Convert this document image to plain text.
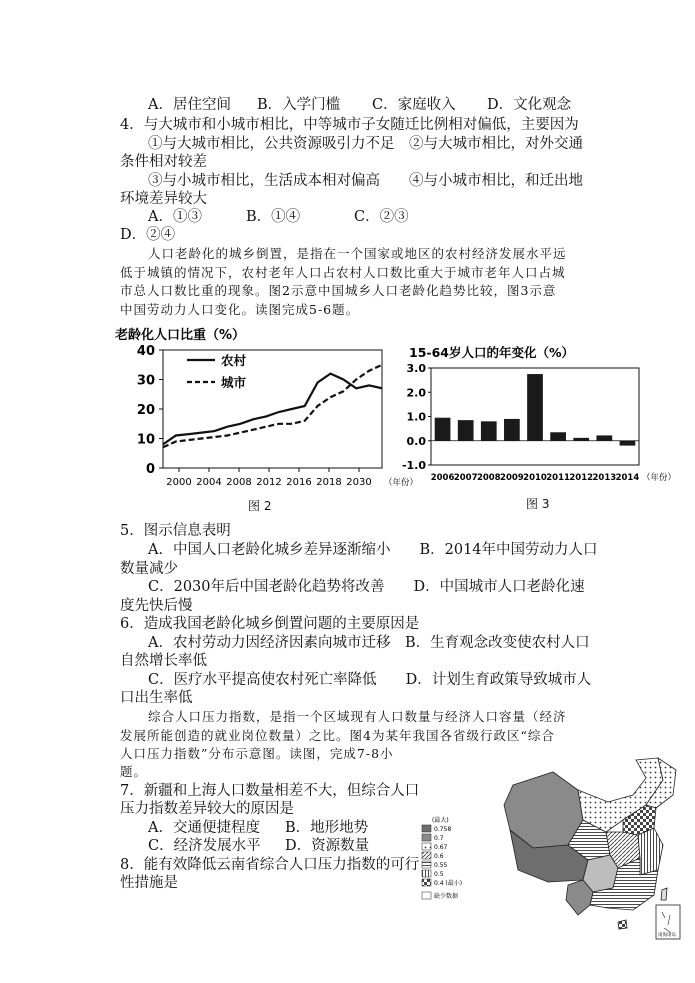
A．居住空间 B．入学门槛 C．家庭收入 D．文化观念
4．与大城市和小城市相比，中等城市子女随迁比例相对偏低，主要因为
①与大城市相比，公共资源吸引力不足　②与大城市相比，对外交通
条件相对较差
③与小城市相比，生活成本相对偏高　　④与小城市相比，和迁出地
环境差异较大
A．①③	B．①④	C．②③
D．②④
人口老龄化的城乡倒置，是指在一个国家或地区的农村经济发展水平远
低于城镇的情况下，农村老年人口占农村人口数比重大于城市老年人口占城
市总人口数比重的现象。图2示意中国城乡人口老龄化趋势比较，图3示意
中国劳动力人口变化。读图完成5-6题。
老龄化人口比重（%）
40
30
20
10
0
2000 2004 2008 2012 2016 2018 2030 （年份）
农村
城市
图 2
15-64岁人口的年变化（%）
3.0
2.0
1.0
0.0
-1.0
（年份）
2006 2007 2008 2009 2010 2011 2012 2013 2014
图 3
5．图示信息表明
A．中国人口老龄化城乡差异逐渐缩小　　B．2014年中国劳动力人口
数量减少
C．2030年后中国老龄化趋势将改善　　D．中国城市人口老龄化速
度先快后慢
6．造成我国老龄化城乡倒置问题的主要原因是
A．农村劳动力因经济因素向城市迁移　B．生育观念改变使农村人口
自然增长率低
C．医疗水平提高使农村死亡率降低　　D．计划生育政策导致城市人
口出生率低
综合人口压力指数，是指一个区域现有人口数量与经济人口容量（经济
发展所能创造的就业岗位数量）之比。图4为某年我国各省级行政区“综合
人口压力指数”分布示意图。读图，完成7-8小
题。
7．新疆和上海人口数量相差不大，但综合人口
压力指数差异较大的原因是
A．交通便捷程度 B．地形地势
C．经济发展水平 D．资源数量
8．能有效降低云南省综合人口压力指数的可行
性措施是
(最大)
0.758
0.7
0.67
0.6
0.55
0.5
0.4 (最小)
缺少数据
南海诸岛
